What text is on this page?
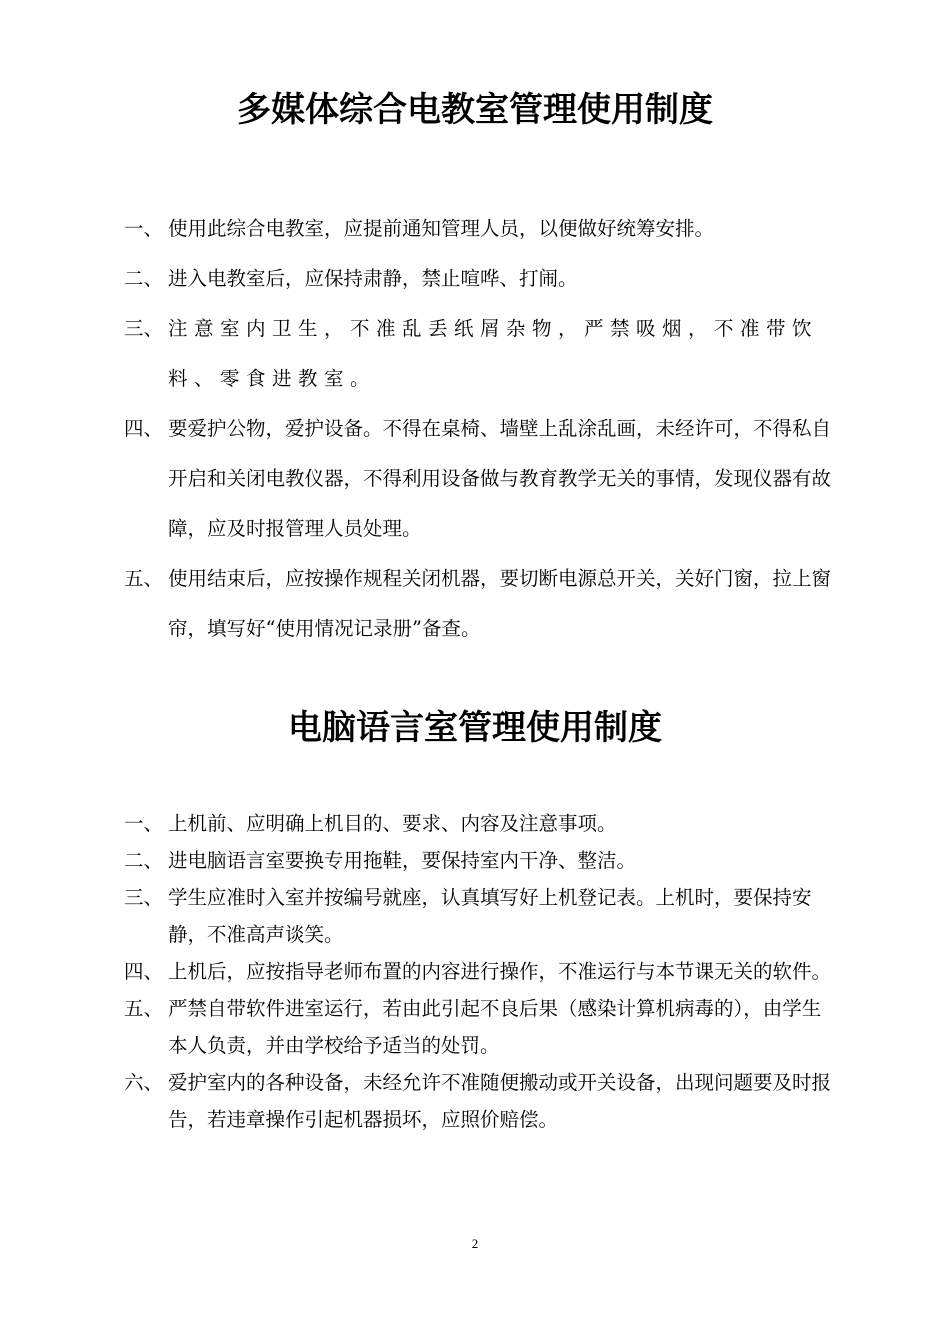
多媒体综合电教室管理使用制度
一、 使用此综合电教室，应提前通知管理人员，以便做好统筹安排。
二、 进入电教室后，应保持肃静，禁止喧哗、打闹。
三、 注意室内卫生，不准乱丢纸屑杂物，严禁吸烟，不准带饮料、零食进教室。
四、 要爱护公物，爱护设备。不得在桌椅、墙壁上乱涂乱画，未经许可，不得私自开启和关闭电教仪器，不得利用设备做与教育教学无关的事情，发现仪器有故障，应及时报管理人员处理。
五、 使用结束后，应按操作规程关闭机器，要切断电源总开关，关好门窗，拉上窗帘，填写好“使用情况记录册”备查。
电脑语言室管理使用制度
一、 上机前、应明确上机目的、要求、内容及注意事项。
二、 进电脑语言室要换专用拖鞋，要保持室内干净、整洁。
三、 学生应准时入室并按编号就座，认真填写好上机登记表。上机时，要保持安静，不准高声谈笑。
四、 上机后，应按指导老师布置的内容进行操作，不准运行与本节课无关的软件。
五、 严禁自带软件进室运行，若由此引起不良后果（感染计算机病毒的），由学生本人负责，并由学校给予适当的处罚。
六、 爱护室内的各种设备，未经允许不准随便搬动或开关设备，出现问题要及时报告，若违章操作引起机器损坏，应照价赔偿。
2
